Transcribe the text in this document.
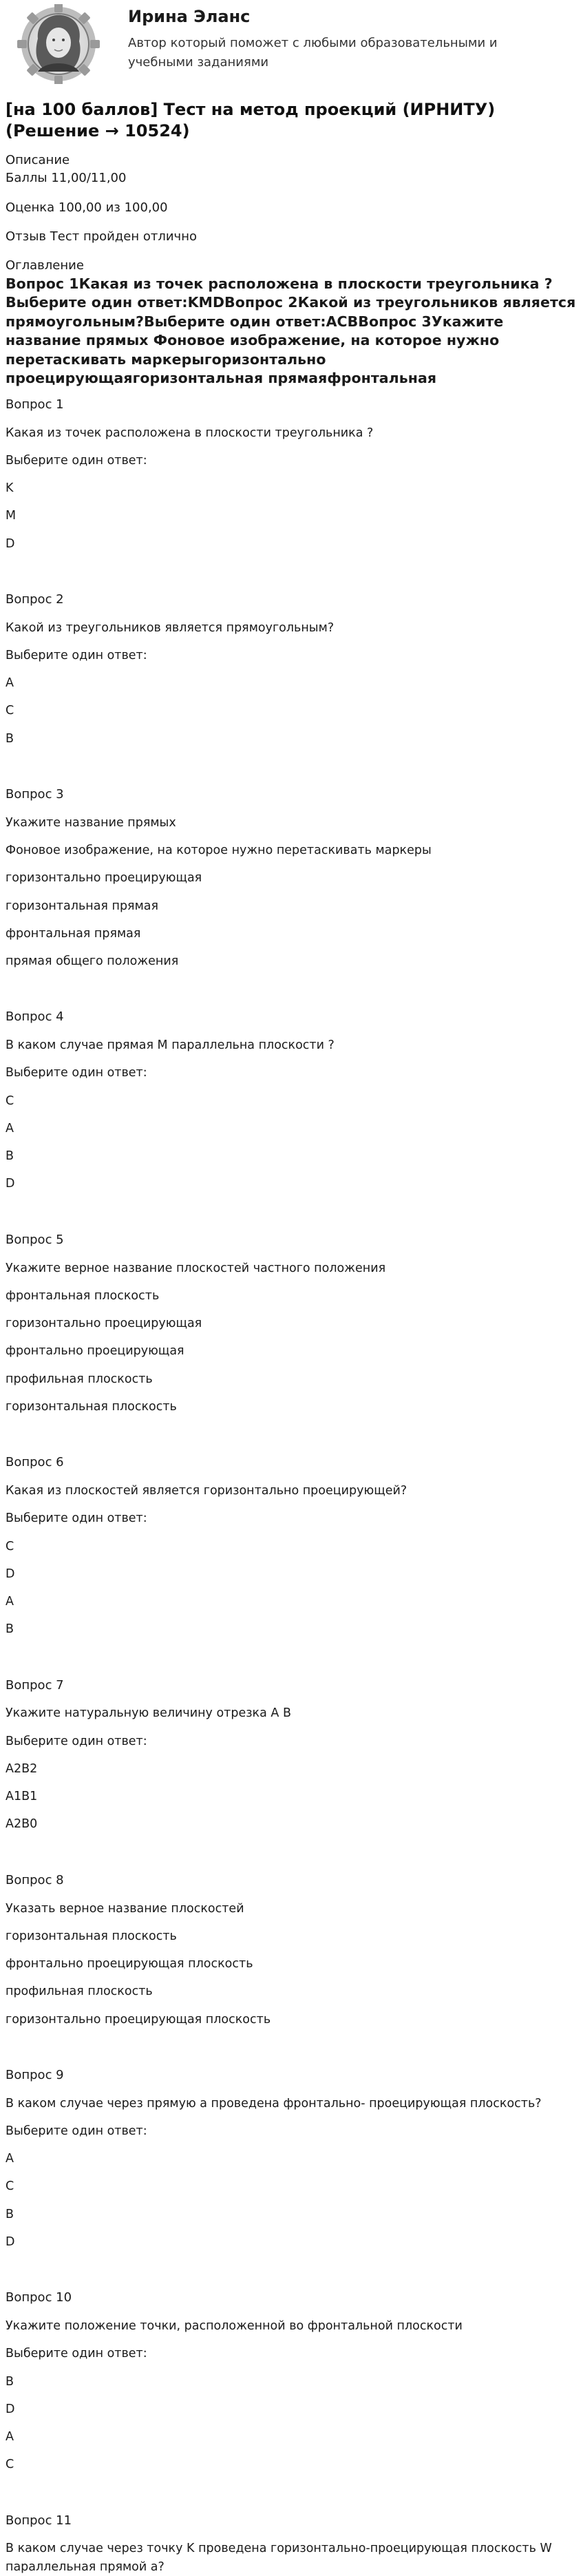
Ирина Эланс
Автор который поможет с любыми образовательными и учебными заданиями
[на 100 баллов] Тест на метод проекций (ИРНИТУ) (Решение → 10524)
Описание
Баллы 11,00/11,00
Оценка 100,00 из 100,00
Отзыв Тест пройден отлично
Оглавление
Вопрос 1Какая из точек расположена в плоскости треугольника ?Выберите один ответ:KMDВопрос 2Какой из треугольников является прямоугольным?Выберите один ответ:ACBВопрос 3Укажите название прямых Фоновое изображение, на которое нужно перетаскивать маркерыгоризонтально проецирующаягоризонтальная прямаяфронтальная
Вопрос 1
Какая из точек расположена в плоскости треугольника ?
Выберите один ответ:
K
M
D
Вопрос 2
Какой из треугольников является прямоугольным?
Выберите один ответ:
A
C
B
Вопрос 3
Укажите название прямых
Фоновое изображение, на которое нужно перетаскивать маркеры
горизонтально проецирующая
горизонтальная прямая
фронтальная прямая
прямая общего положения
Вопрос 4
В каком случае прямая M параллельна плоскости ?
Выберите один ответ:
C
A
B
D
Вопрос 5
Укажите верное название плоскостей частного положения
фронтальная плоскость
горизонтально проецирующая
фронтально проецирующая
профильная плоскость
горизонтальная плоскость
Вопрос 6
Какая из плоскостей является горизонтально проецирующей?
Выберите один ответ:
C
D
A
B
Вопрос 7
Укажите натуральную величину отрезка A B
Выберите один ответ:
A2B2
A1B1
A2B0
Вопрос 8
Указать верное название плоскостей
горизонтальная плоскость
фронтально проецирующая плоскость
профильная плоскость
горизонтально проецирующая плоскость
Вопрос 9
В каком случае через прямую a проведена фронтально- проецирующая плоскость?
Выберите один ответ:
A
C
B
D
Вопрос 10
Укажите положение точки, расположенной во фронтальной плоскости
Выберите один ответ:
B
D
A
C
Вопрос 11
В каком случае через точку K проведена горизонтально-проецирующая плоскость W параллельная прямой a?
